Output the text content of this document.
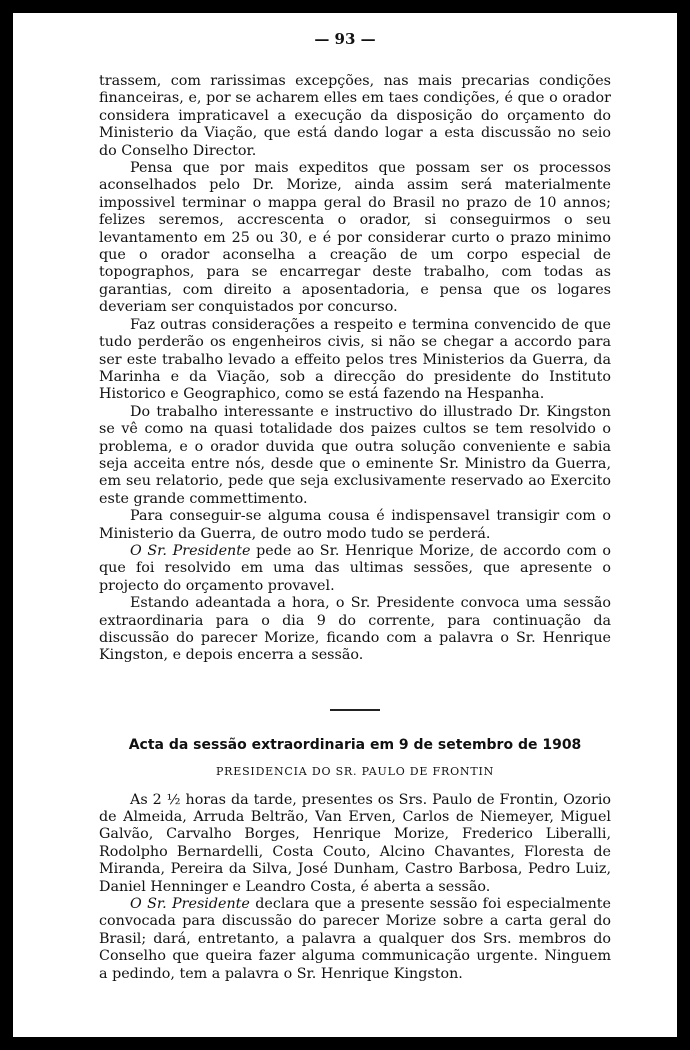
— 93 —

trassem, com rarissimas excepções, nas mais precarias condições financeiras, e, por se acharem elles em taes condições, é que o orador considera impraticavel a execução da disposição do orçamento do Ministerio da Viação, que está dando logar a esta discussão no seio do Conselho Director.

Pensa que por mais expeditos que possam ser os processos aconselhados pelo Dr. Morize, ainda assim será materialmente impossivel terminar o mappa geral do Brasil no prazo de 10 annos; felizes seremos, accrescenta o orador, si conseguirmos o seu levantamento em 25 ou 30, e é por considerar curto o prazo minimo que o orador aconselha a creação de um corpo especial de topographos, para se encarregar deste trabalho, com todas as garantias, com direito a aposentadoria, e pensa que os logares deveriam ser conquistados por concurso.

Faz outras considerações a respeito e termina convencido de que tudo perderão os engenheiros civis, si não se chegar a accordo para ser este trabalho levado a effeito pelos tres Ministerios da Guerra, da Marinha e da Viação, sob a direcção do presidente do Instituto Historico e Geographico, como se está fazendo na Hespanha.

Do trabalho interessante e instructivo do illustrado Dr. Kingston se vê como na quasi totalidade dos paizes cultos se tem resolvido o problema, e o orador duvida que outra solução conveniente e sabia seja acceita entre nós, desde que o eminente Sr. Ministro da Guerra, em seu relatorio, pede que seja exclusivamente reservado ao Exercito este grande commettimento.

Para conseguir-se alguma cousa é indispensavel transigir com o Ministerio da Guerra, de outro modo tudo se perderá.

O Sr. Presidente pede ao Sr. Henrique Morize, de accordo com o que foi resolvido em uma das ultimas sessões, que apresente o projecto do orçamento provavel.

Estando adeantada a hora, o Sr. Presidente convoca uma sessão extraordinaria para o dia 9 do corrente, para continuação da discussão do parecer Morize, ficando com a palavra o Sr. Henrique Kingston, e depois encerra a sessão.

Acta da sessão extraordinaria em 9 de setembro de 1908
PRESIDENCIA DO SR. PAULO DE FRONTIN

As 2 ½ horas da tarde, presentes os Srs. Paulo de Frontin, Ozorio de Almeida, Arruda Beltrão, Van Erven, Carlos de Niemeyer, Miguel Galvão, Carvalho Borges, Henrique Morize, Frederico Liberalli, Rodolpho Bernardelli, Costa Couto, Alcino Chavantes, Floresta de Miranda, Pereira da Silva, José Dunham, Castro Barbosa, Pedro Luiz, Daniel Henninger e Leandro Costa, é aberta a sessão.

O Sr. Presidente declara que a presente sessão foi especialmente convocada para discussão do parecer Morize sobre a carta geral do Brasil; dará, entretanto, a palavra a qualquer dos Srs. membros do Conselho que queira fazer alguma communicação urgente. Ninguem a pedindo, tem a palavra o Sr. Henrique Kingston.
